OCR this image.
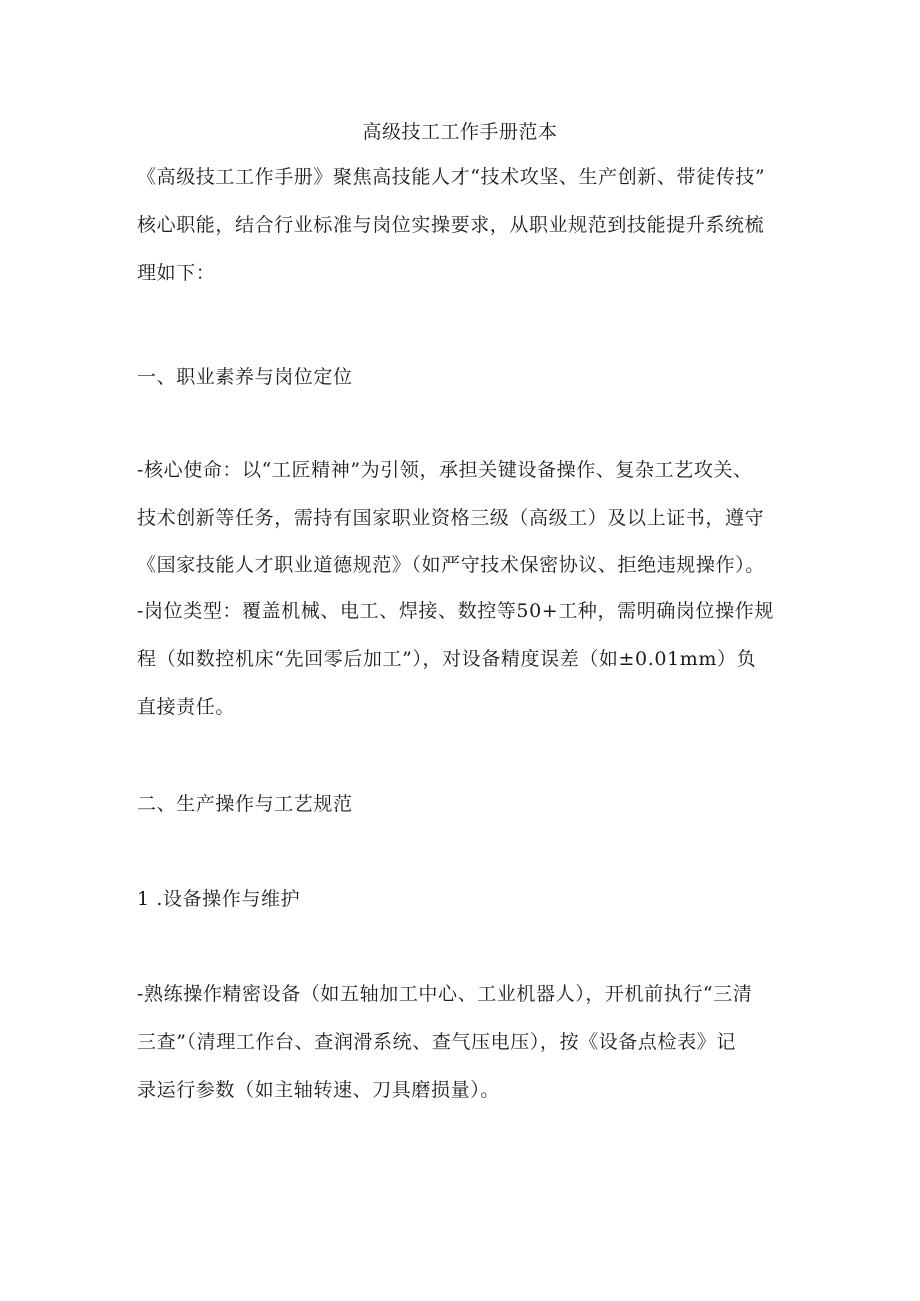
高级技工工作手册范本
《高级技工工作手册》聚焦高技能人才“技术攻坚、生产创新、带徒传技”
核心职能，结合行业标准与岗位实操要求，从职业规范到技能提升系统梳
理如下：
一、职业素养与岗位定位
-核心使命：以“工匠精神”为引领，承担关键设备操作、复杂工艺攻关、
技术创新等任务，需持有国家职业资格三级（高级工）及以上证书，遵守
《国家技能人才职业道德规范》（如严守技术保密协议、拒绝违规操作）。
-岗位类型：覆盖机械、电工、焊接、数控等50+工种，需明确岗位操作规
程（如数控机床“先回零后加工”），对设备精度误差（如±0.01mm）负
直接责任。
二、生产操作与工艺规范
1 .设备操作与维护
-熟练操作精密设备（如五轴加工中心、工业机器人），开机前执行“三清
三查”（清理工作台、查润滑系统、查气压电压），按《设备点检表》记
录运行参数（如主轴转速、刀具磨损量）。
